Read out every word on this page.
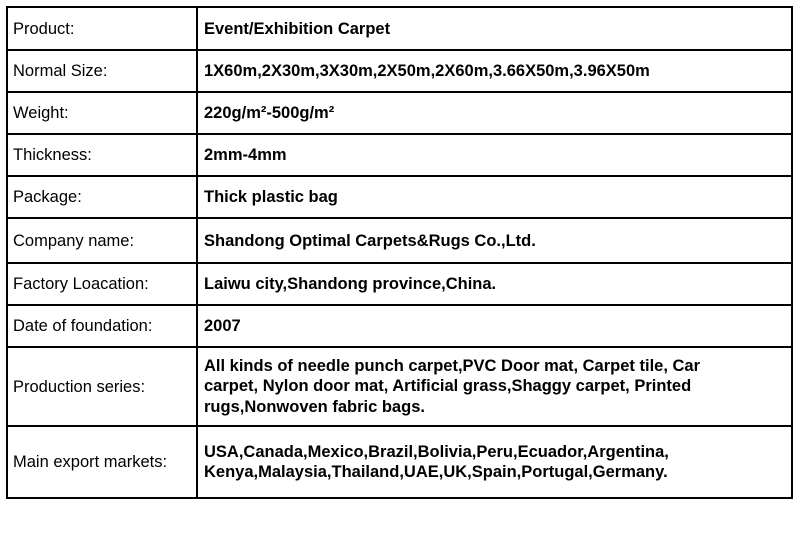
Product:	Event/Exhibition Carpet
Normal Size:	1X60m,2X30m,3X30m,2X50m,2X60m,3.66X50m,3.96X50m
Weight:	220g/m²-500g/m²
Thickness:	2mm-4mm
Package:	Thick plastic bag
Company name:	Shandong Optimal Carpets&Rugs Co.,Ltd.
Factory Loacation:	Laiwu city,Shandong province,China.
Date of foundation:	2007
Production series:	All kinds of needle punch carpet,PVC Door mat, Carpet tile, Car
carpet, Nylon door mat, Artificial grass,Shaggy carpet, Printed
rugs,Nonwoven fabric bags.

Main export markets:	USA,Canada,Mexico,Brazil,Bolivia,Peru,Ecuador,Argentina,
Kenya,Malaysia,Thailand,UAE,UK,Spain,Portugal,Germany.
